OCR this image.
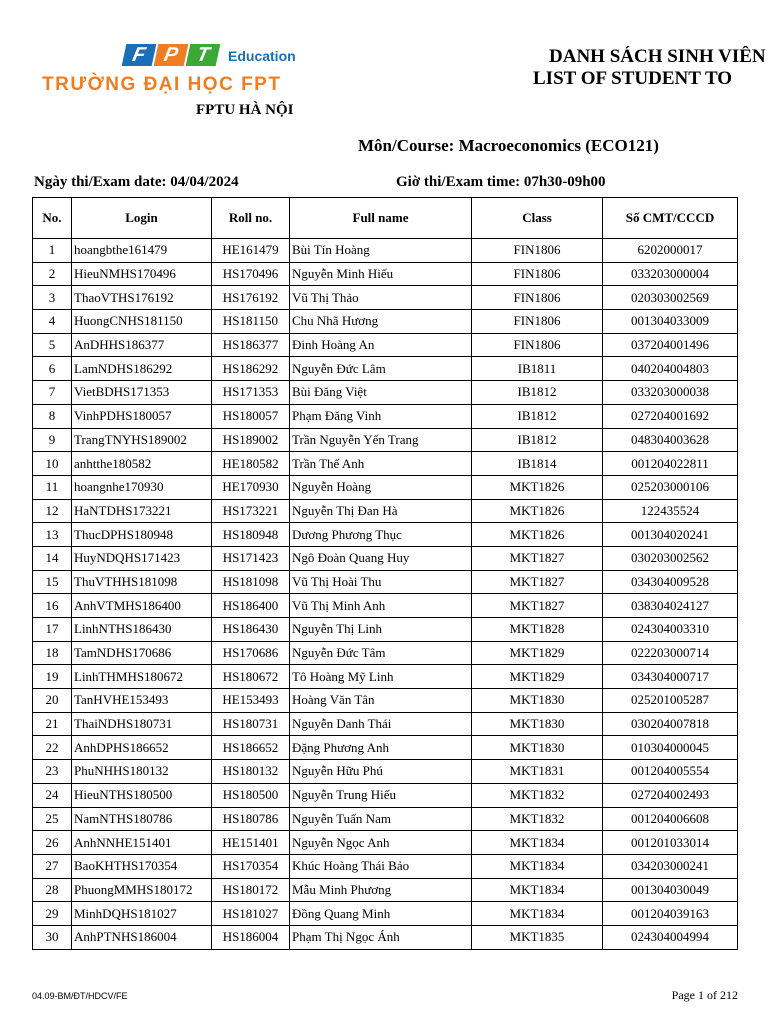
F P T	Education
TRƯỜNG ĐẠI HỌC FPT
FPTU HÀ NỘI
DANH SÁCH SINH VIÊN
LIST OF STUDENT TO
Môn/Course: Macroeconomics (ECO121)
Ngày thi/Exam date: 04/04/2024	Giờ thi/Exam time: 07h30-09h00
No.	Login	Roll no.	Full name	Class	Số CMT/CCCD
1	hoangbthe161479	HE161479	Bùi Tín Hoàng	FIN1806	6202000017
2	HieuNMHS170496	HS170496	Nguyễn Minh Hiếu	FIN1806	033203000004
3	ThaoVTHS176192	HS176192	Vũ Thị Thảo	FIN1806	020303002569
4	HuongCNHS181150	HS181150	Chu Nhã Hương	FIN1806	001304033009
5	AnDHHS186377	HS186377	Đinh Hoàng An	FIN1806	037204001496
6	LamNDHS186292	HS186292	Nguyễn Đức Lâm	IB1811	040204004803
7	VietBDHS171353	HS171353	Bùi Đăng Việt	IB1812	033203000038
8	VinhPDHS180057	HS180057	Phạm Đăng Vinh	IB1812	027204001692
9	TrangTNYHS189002	HS189002	Trần Nguyễn Yến Trang	IB1812	048304003628
10	anhtthe180582	HE180582	Trần Thế Anh	IB1814	001204022811
11	hoangnhe170930	HE170930	Nguyễn Hoàng	MKT1826	025203000106
12	HaNTDHS173221	HS173221	Nguyễn Thị Đan Hà	MKT1826	122435524
13	ThucDPHS180948	HS180948	Dương Phương Thục	MKT1826	001304020241
14	HuyNDQHS171423	HS171423	Ngô Đoàn Quang Huy	MKT1827	030203002562
15	ThuVTHHS181098	HS181098	Vũ Thị Hoài Thu	MKT1827	034304009528
16	AnhVTMHS186400	HS186400	Vũ Thị Minh Anh	MKT1827	038304024127
17	LinhNTHS186430	HS186430	Nguyễn Thị Linh	MKT1828	024304003310
18	TamNDHS170686	HS170686	Nguyễn Đức Tâm	MKT1829	022203000714
19	LinhTHMHS180672	HS180672	Tô Hoàng Mỹ Linh	MKT1829	034304000717
20	TanHVHE153493	HE153493	Hoàng Văn Tân	MKT1830	025201005287
21	ThaiNDHS180731	HS180731	Nguyễn Danh Thái	MKT1830	030204007818
22	AnhDPHS186652	HS186652	Đặng Phương Anh	MKT1830	010304000045
23	PhuNHHS180132	HS180132	Nguyễn Hữu Phú	MKT1831	001204005554
24	HieuNTHS180500	HS180500	Nguyễn Trung Hiếu	MKT1832	027204002493
25	NamNTHS180786	HS180786	Nguyễn Tuấn Nam	MKT1832	001204006608
26	AnhNNHE151401	HE151401	Nguyễn Ngọc Anh	MKT1834	001201033014
27	BaoKHTHS170354	HS170354	Khúc Hoàng Thái Bảo	MKT1834	034203000241
28	PhuongMMHS180172	HS180172	Mẫu Minh Phương	MKT1834	001304030049
29	MinhDQHS181027	HS181027	Đồng Quang Minh	MKT1834	001204039163
30	AnhPTNHS186004	HS186004	Phạm Thị Ngọc Ánh	MKT1835	024304004994
04.09-BM/ĐT/HDCV/FE	Page 1 of 212
